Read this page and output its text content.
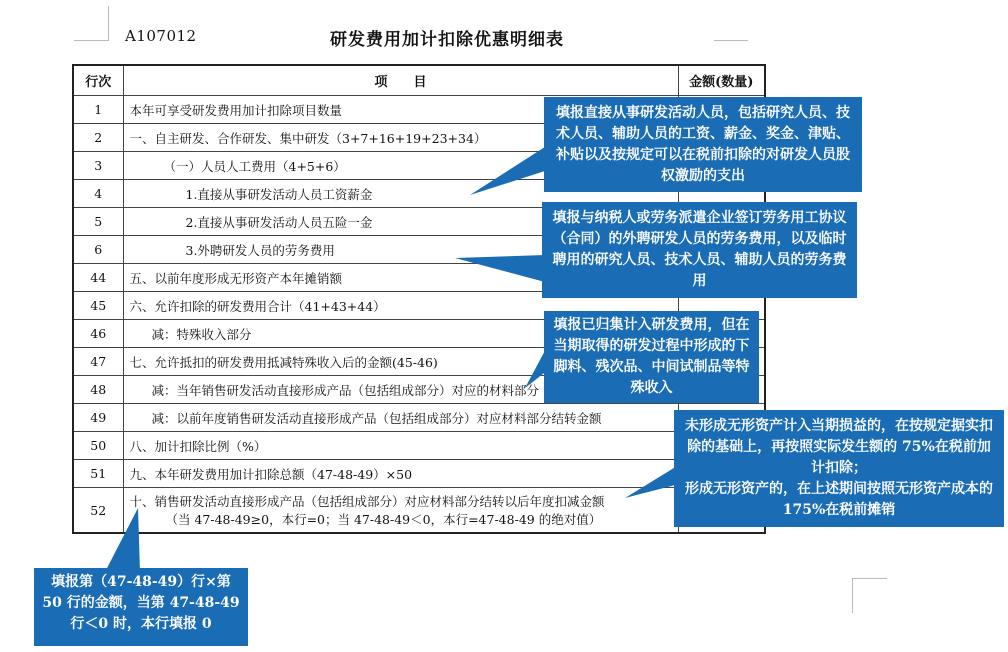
A107012	研发费用加计扣除优惠明细表
行次	项　　目	金额(数量)
1	本年可享受研发费用加计扣除项目数量	
2	一、自主研发、合作研发、集中研发（3+7+16+19+23+34）	
3	（一）人员人工费用（4+5+6）	
4	1.直接从事研发活动人员工资薪金	
5	2.直接从事研发活动人员五险一金	
6	3.外聘研发人员的劳务费用	
44	五、以前年度形成无形资产本年摊销额	
45	六、允许扣除的研发费用合计（41+43+44）	
46	减：特殊收入部分	
47	七、允许抵扣的研发费用抵减特殊收入后的金额(45-46)	
48	减：当年销售研发活动直接形成产品（包括组成部分）对应的材料部分	
49	减：以前年度销售研发活动直接形成产品（包括组成部分）对应材料部分结转金额	
50	八、加计扣除比例（%）	
51	九、本年研发费用加计扣除总额（47-48-49）×50	
52	十、销售研发活动直接形成产品（包括组成部分）对应材料部分结转以后年度扣减金额
（当 47-48-49≥0，本行=0；当 47-48-49＜0，本行=47-48-49 的绝对值）	

填报直接从事研发活动人员，包括研究人员、技术人员、辅助人员的工资、薪金、奖金、津贴、补贴以及按规定可以在税前扣除的对研发人员股权激励的支出
填报与纳税人或劳务派遣企业签订劳务用工协议（合同）的外聘研发人员的劳务费用，以及临时聘用的研究人员、技术人员、辅助人员的劳务费用
填报已归集计入研发费用，但在当期取得的研发过程中形成的下脚料、残次品、中间试制品等特殊收入
未形成无形资产计入当期损益的，在按规定据实扣除的基础上，再按照实际发生额的 75%在税前加计扣除；
形成无形资产的，在上述期间按照无形资产成本的 175%在税前摊销
填报第（47-48-49）行×第 50 行的金额，当第 47-48-49 行＜0 时，本行填报 0
